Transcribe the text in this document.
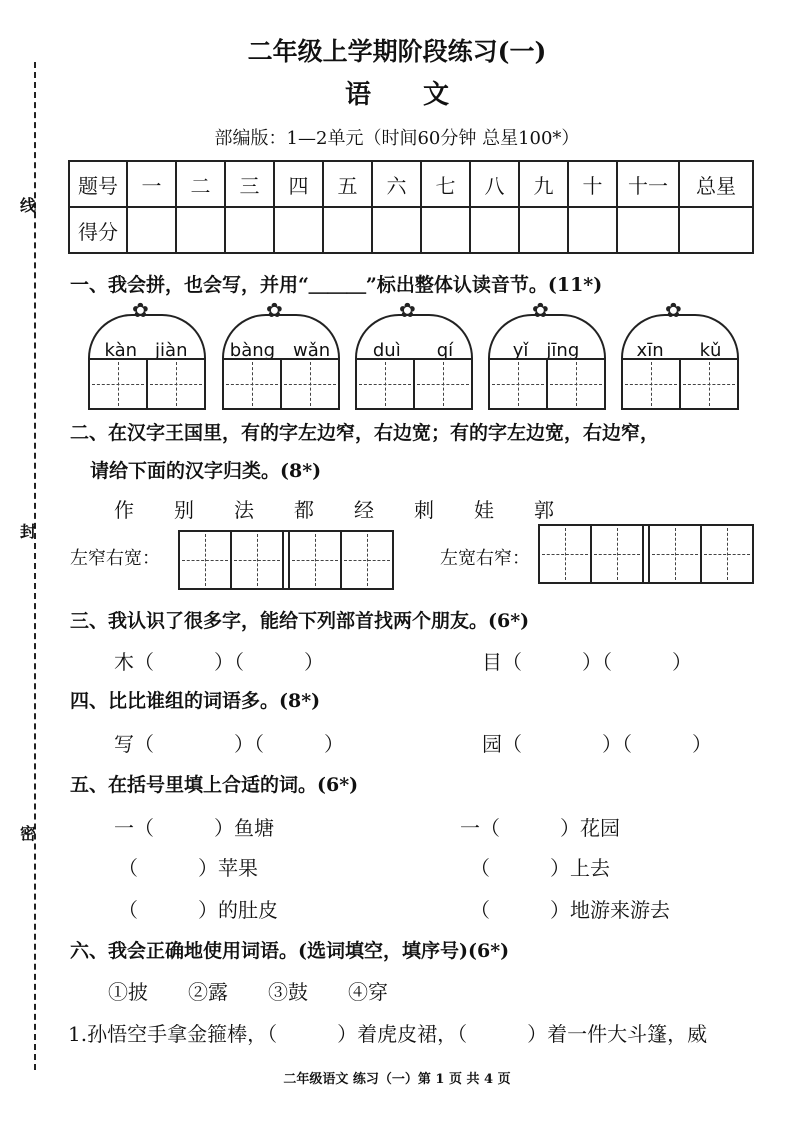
线
封
密
二年级上学期阶段练习(一)
语　　文
部编版：1—2单元（时间60分钟 总星100*）
题号	一	二	三	四	五	六	七	八	九	十	十一	总星
得分												
一、我会拼，也会写，并用“＿＿＿”标出整体认读音节。(11*)
✿
kàn　jiàn
✿
bàng　wǎn
✿
duì　　qí
✿
yǐ　jīng
✿
xīn　　kǔ
二、在汉字王国里，有的字左边窄，右边宽；有的字左边宽，右边窄，
请给下面的汉字归类。(8*)
作　　别　　法　　都　　经　　刺　　娃　　郭
左窄右宽：	左宽右窄：
三、我认识了很多字，能给下列部首找两个朋友。(6*)
木（　　　）（　　　）	目（　　　）（　　　）
四、比比谁组的词语多。(8*)
写（　　　　）（　　　）	园（　　　　）（　　　）
五、在括号里填上合适的词。(6*)
一（　　　）鱼塘	一（　　　）花园
（　　　）苹果	（　　　）上去
（　　　）的肚皮	（　　　）地游来游去
六、我会正确地使用词语。(选词填空，填序号)(6*)
①披　　②露　　③鼓　　④穿
1.孙悟空手拿金箍棒，（　　　）着虎皮裙，（　　　）着一件大斗篷，威
二年级语文 练习（一）第 1 页 共 4 页
